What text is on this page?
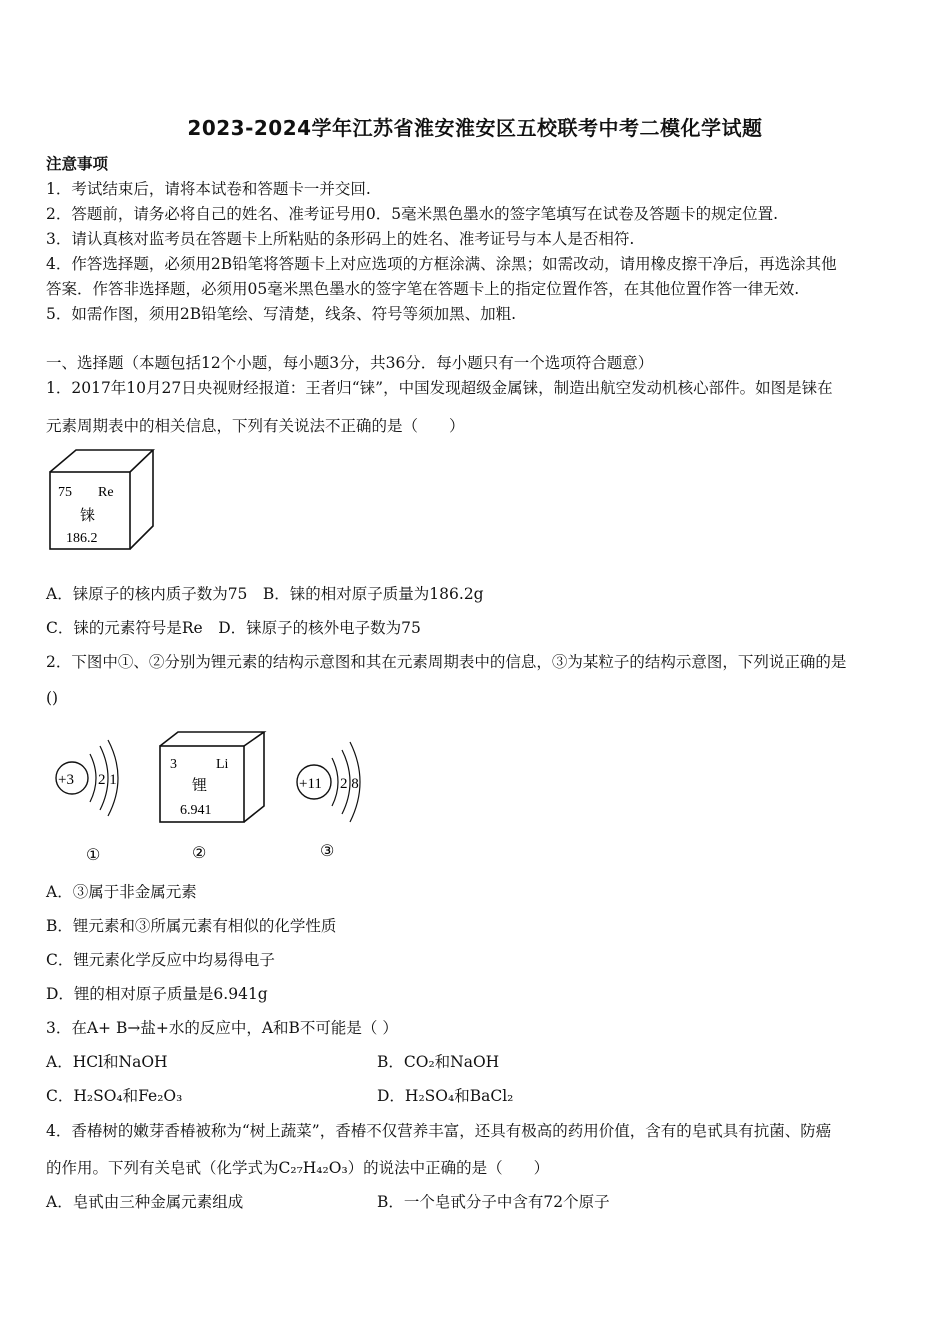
2023-2024学年江苏省淮安淮安区五校联考中考二模化学试题
注意事项
1．考试结束后，请将本试卷和答题卡一并交回.
2．答题前，请务必将自己的姓名、准考证号用0．5毫米黑色墨水的签字笔填写在试卷及答题卡的规定位置.
3．请认真核对监考员在答题卡上所粘贴的条形码上的姓名、准考证号与本人是否相符.
4．作答选择题，必须用2B铅笔将答题卡上对应选项的方框涂满、涂黑；如需改动，请用橡皮擦干净后，再选涂其他
答案．作答非选择题，必须用05毫米黑色墨水的签字笔在答题卡上的指定位置作答，在其他位置作答一律无效.
5．如需作图，须用2B铅笔绘、写清楚，线条、符号等须加黑、加粗.
一、选择题（本题包括12个小题，每小题3分，共36分．每小题只有一个选项符合题意）
1．2017年10月27日央视财经报道：王者归“铼”，中国发现超级金属铼，制造出航空发动机核心部件。如图是铼在
元素周期表中的相关信息，下列有关说法不正确的是（　　）
75 Re
铼
186.2
A．铼原子的核内质子数为75　B．铼的相对原子质量为186.2g
C．铼的元素符号是Re　D．铼原子的核外电子数为75
2．下图中①、②分别为锂元素的结构示意图和其在元素周期表中的信息，③为某粒子的结构示意图，下列说正确的是
()
+3 2 1
①
3	Li
锂
6.941
②
+11 2 8
③
A．③属于非金属元素
B．锂元素和③所属元素有相似的化学性质
C．锂元素化学反应中均易得电子
D．锂的相对原子质量是6.941g
3．在A+ B→盐+水的反应中，A和B不可能是（ ）
A．HCl和NaOH	B．CO₂和NaOH
C．H₂SO₄和Fe₂O₃	D．H₂SO₄和BaCl₂
4．香椿树的嫩芽香椿被称为“树上蔬菜”，香椿不仅营养丰富，还具有极高的药用价值，含有的皂甙具有抗菌、防癌
的作用。下列有关皂甙（化学式为C₂₇H₄₂O₃）的说法中正确的是（　　）
A．皂甙由三种金属元素组成	B．一个皂甙分子中含有72个原子
